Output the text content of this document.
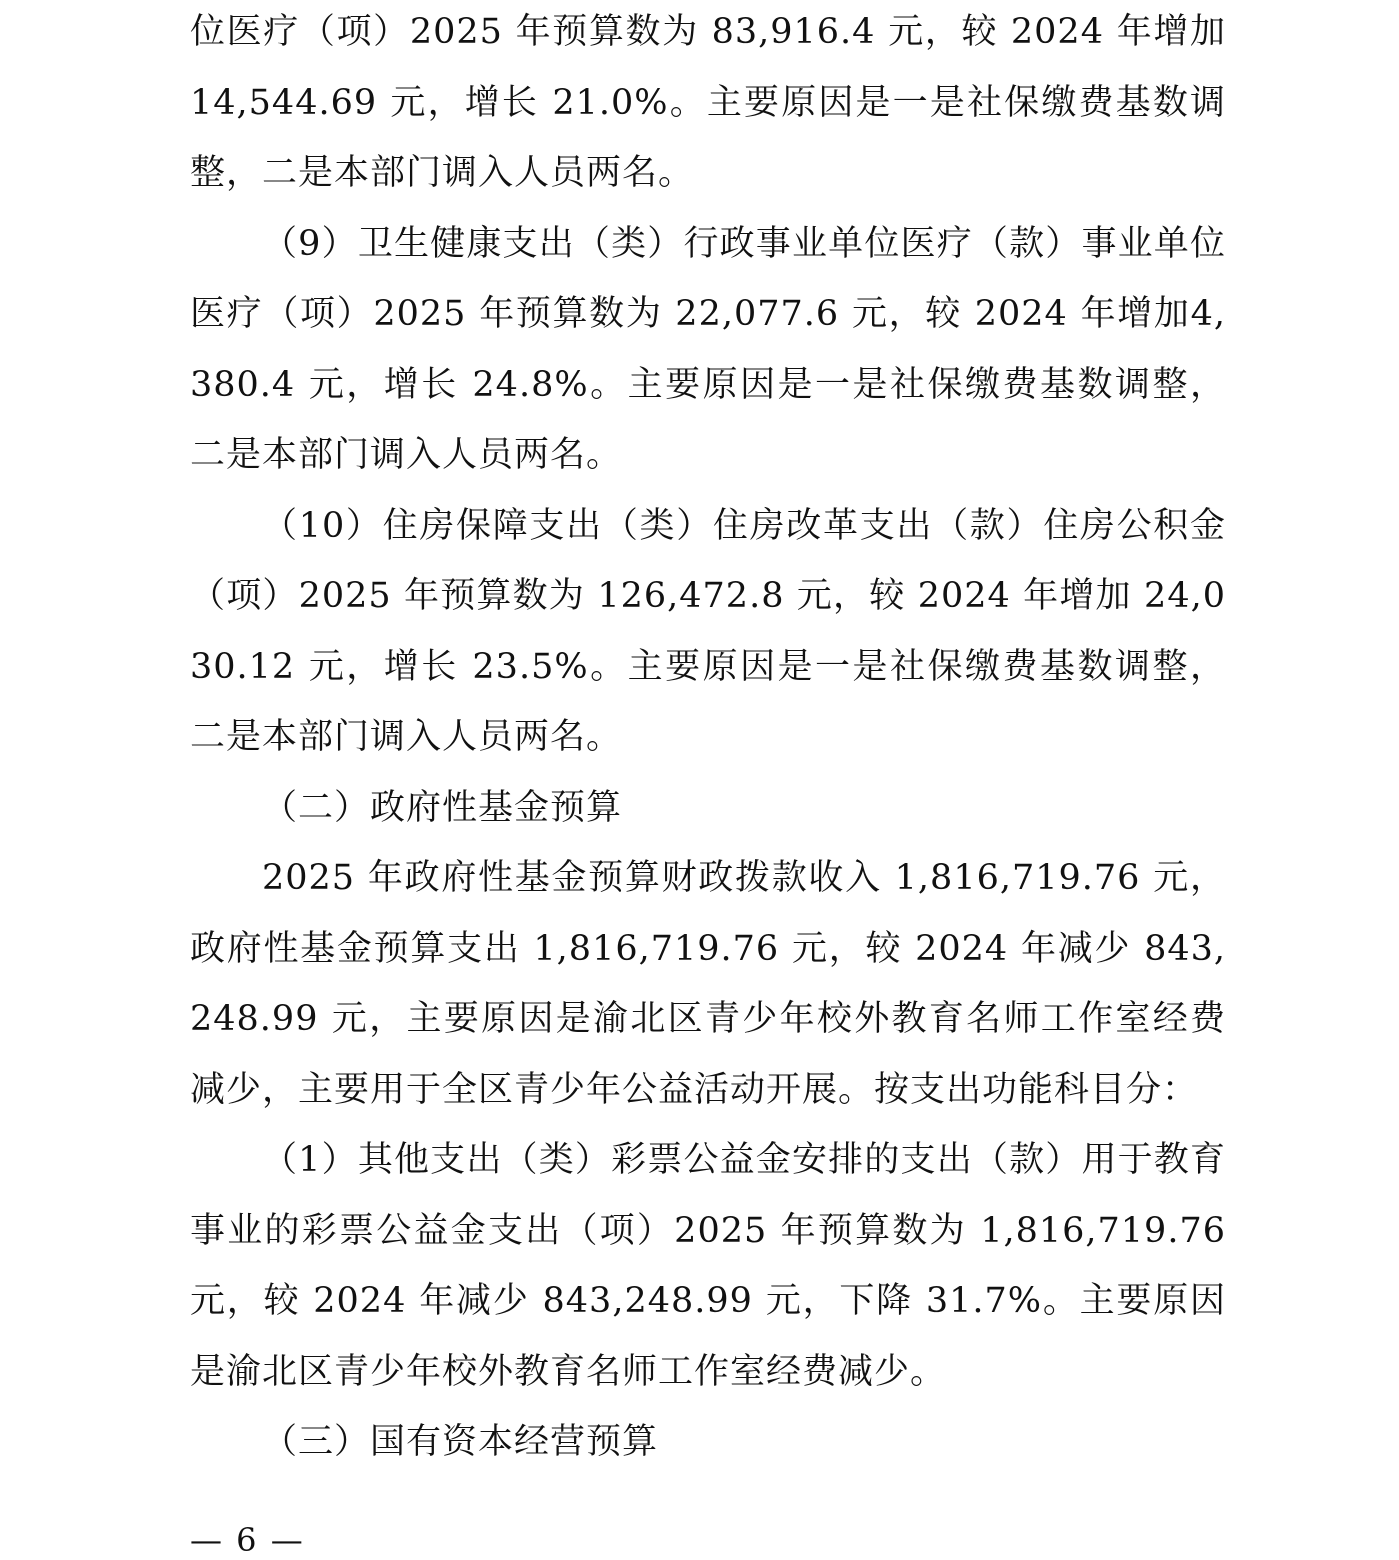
位医疗（项）2025 年预算数为 83,916.4 元，较 2024 年增加14,544.69 元，增长 21.0%。主要原因是一是社保缴费基数调整，二是本部门调入人员两名。

（9）卫生健康支出（类）行政事业单位医疗（款）事业单位医疗（项）2025 年预算数为 22,077.6 元，较 2024 年增加4,380.4 元，增长 24.8%。主要原因是一是社保缴费基数调整，二是本部门调入人员两名。

（10）住房保障支出（类）住房改革支出（款）住房公积金（项）2025 年预算数为 126,472.8 元，较 2024 年增加 24,030.12 元，增长 23.5%。主要原因是一是社保缴费基数调整，二是本部门调入人员两名。

（二）政府性基金预算

2025 年政府性基金预算财政拨款收入 1,816,719.76 元，政府性基金预算支出 1,816,719.76 元，较 2024 年减少 843,248.99 元，主要原因是渝北区青少年校外教育名师工作室经费减少，主要用于全区青少年公益活动开展。按支出功能科目分：

（1）其他支出（类）彩票公益金安排的支出（款）用于教育事业的彩票公益金支出（项）2025 年预算数为 1,816,719.76 元，较 2024 年减少 843,248.99 元，下降 31.7%。主要原因是渝北区青少年校外教育名师工作室经费减少。

（三）国有资本经营预算

— 6 —
